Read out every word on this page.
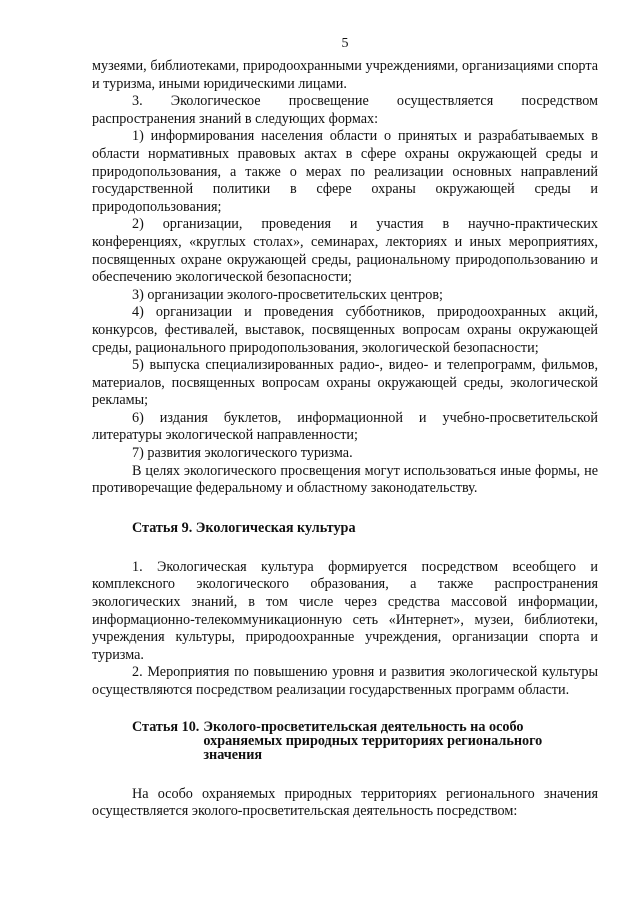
5

музеями, библиотеками, природоохранными учреждениями, организациями спорта и туризма, иными юридическими лицами.

3. Экологическое просвещение осуществляется посредством распространения знаний в следующих формах:

1) информирования населения области о принятых и разрабатываемых в области нормативных правовых актах в сфере охраны окружающей среды и природопользования, а также о мерах по реализации основных направлений государственной политики в сфере охраны окружающей среды и природопользования;

2) организации, проведения и участия в научно-практических конференциях, «круглых столах», семинарах, лекториях и иных мероприятиях, посвященных охране окружающей среды, рациональному природопользованию и обеспечению экологической безопасности;

3) организации эколого-просветительских центров;

4) организации и проведения субботников, природоохранных акций, конкурсов, фестивалей, выставок, посвященных вопросам охраны окружающей среды, рационального природопользования, экологической безопасности;

5) выпуска специализированных радио-, видео- и телепрограмм, фильмов, материалов, посвященных вопросам охраны окружающей среды, экологической рекламы;

6) издания буклетов, информационной и учебно-просветительской литературы экологической направленности;

7) развития экологического туризма.

В целях экологического просвещения могут использоваться иные формы, не противоречащие федеральному и областному законодательству.

Статья 9. Экологическая культура

1. Экологическая культура формируется посредством всеобщего и комплексного экологического образования, а также распространения экологических знаний, в том числе через средства массовой информации, информационно-телекоммуникационную сеть «Интернет», музеи, библиотеки, учреждения культуры, природоохранные учреждения, организации спорта и туризма.

2. Мероприятия по повышению уровня и развития экологической культуры осуществляются посредством реализации государственных программ области.

Статья 10. Эколого-просветительская деятельность на особо охраняемых природных территориях регионального значения

На особо охраняемых природных территориях регионального значения осуществляется эколого-просветительская деятельность посредством:
